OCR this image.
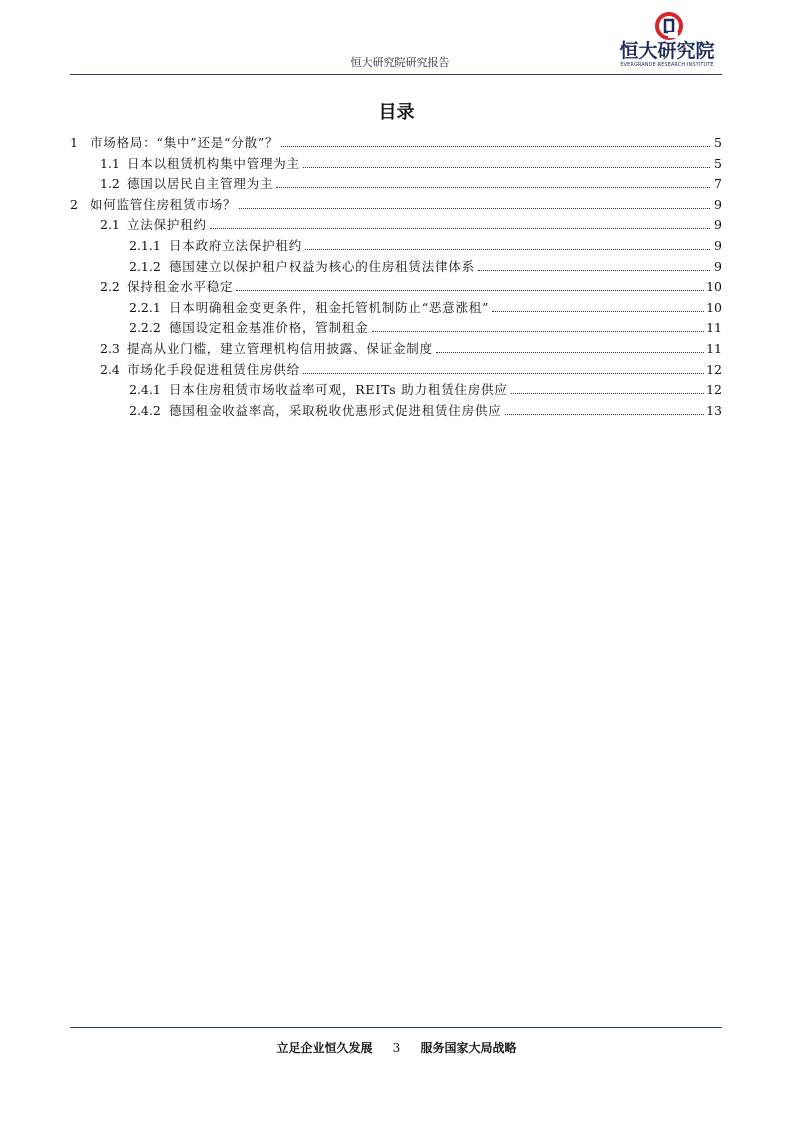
恒大研究院研究报告
恒大研究院
EVERGRANDE RESEARCH INSTITUTE
目录
1 市场格局：“集中”还是“分散”？	5
1.1 日本以租赁机构集中管理为主	5
1.2 德国以居民自主管理为主	7
2 如何监管住房租赁市场？	9
2.1 立法保护租约	9
2.1.1 日本政府立法保护租约	9
2.1.2 德国建立以保护租户权益为核心的住房租赁法律体系	9
2.2 保持租金水平稳定	10
2.2.1 日本明确租金变更条件，租金托管机制防止“恶意涨租”	10
2.2.2 德国设定租金基准价格，管制租金	11
2.3 提高从业门槛，建立管理机构信用披露、保证金制度	11
2.4 市场化手段促进租赁住房供给	12
2.4.1 日本住房租赁市场收益率可观，REITs 助力租赁住房供应	12
2.4.2 德国租金收益率高，采取税收优惠形式促进租赁住房供应	13
立足企业恒久发展 3 服务国家大局战略
